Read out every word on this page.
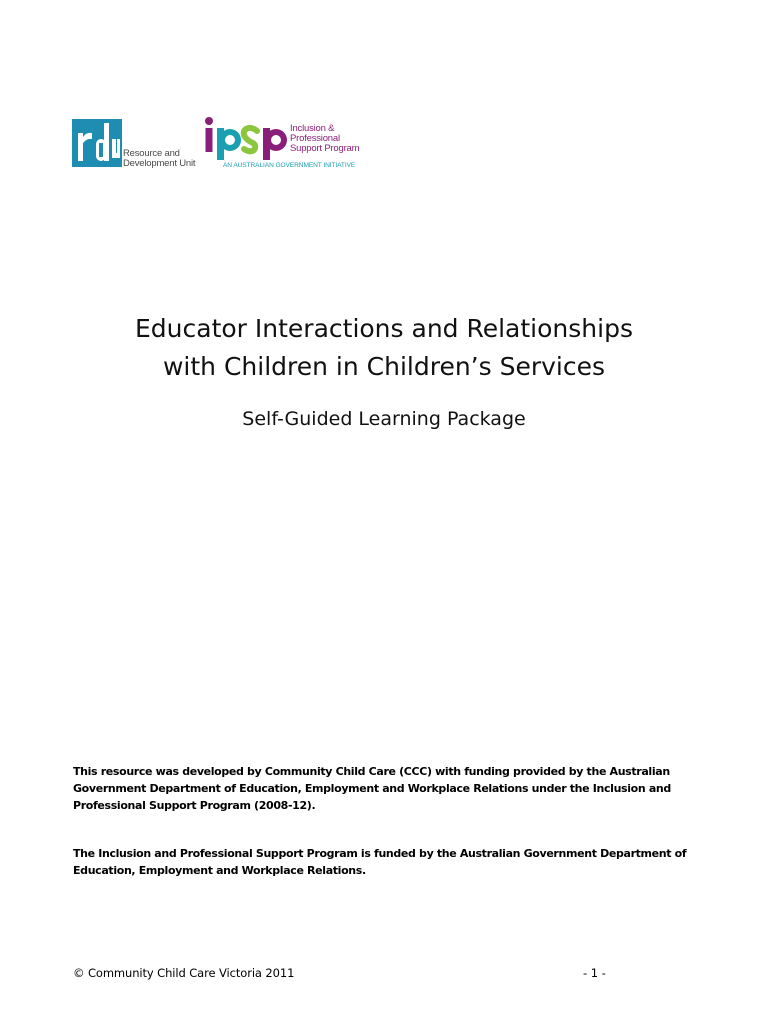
Resource and
Development Unit
Inclusion &
Professional
Support Program
AN AUSTRALIAN GOVERNMENT INITIATIVE
Educator Interactions and Relationships
with Children in Children’s Services
Self-Guided Learning Package
This resource was developed by Community Child Care (CCC) with funding provided by the Australian
Government Department of Education, Employment and Workplace Relations under the Inclusion and
Professional Support Program (2008-12).
The Inclusion and Professional Support Program is funded by the Australian Government Department of
Education, Employment and Workplace Relations.
© Community Child Care Victoria 2011	- 1 -
